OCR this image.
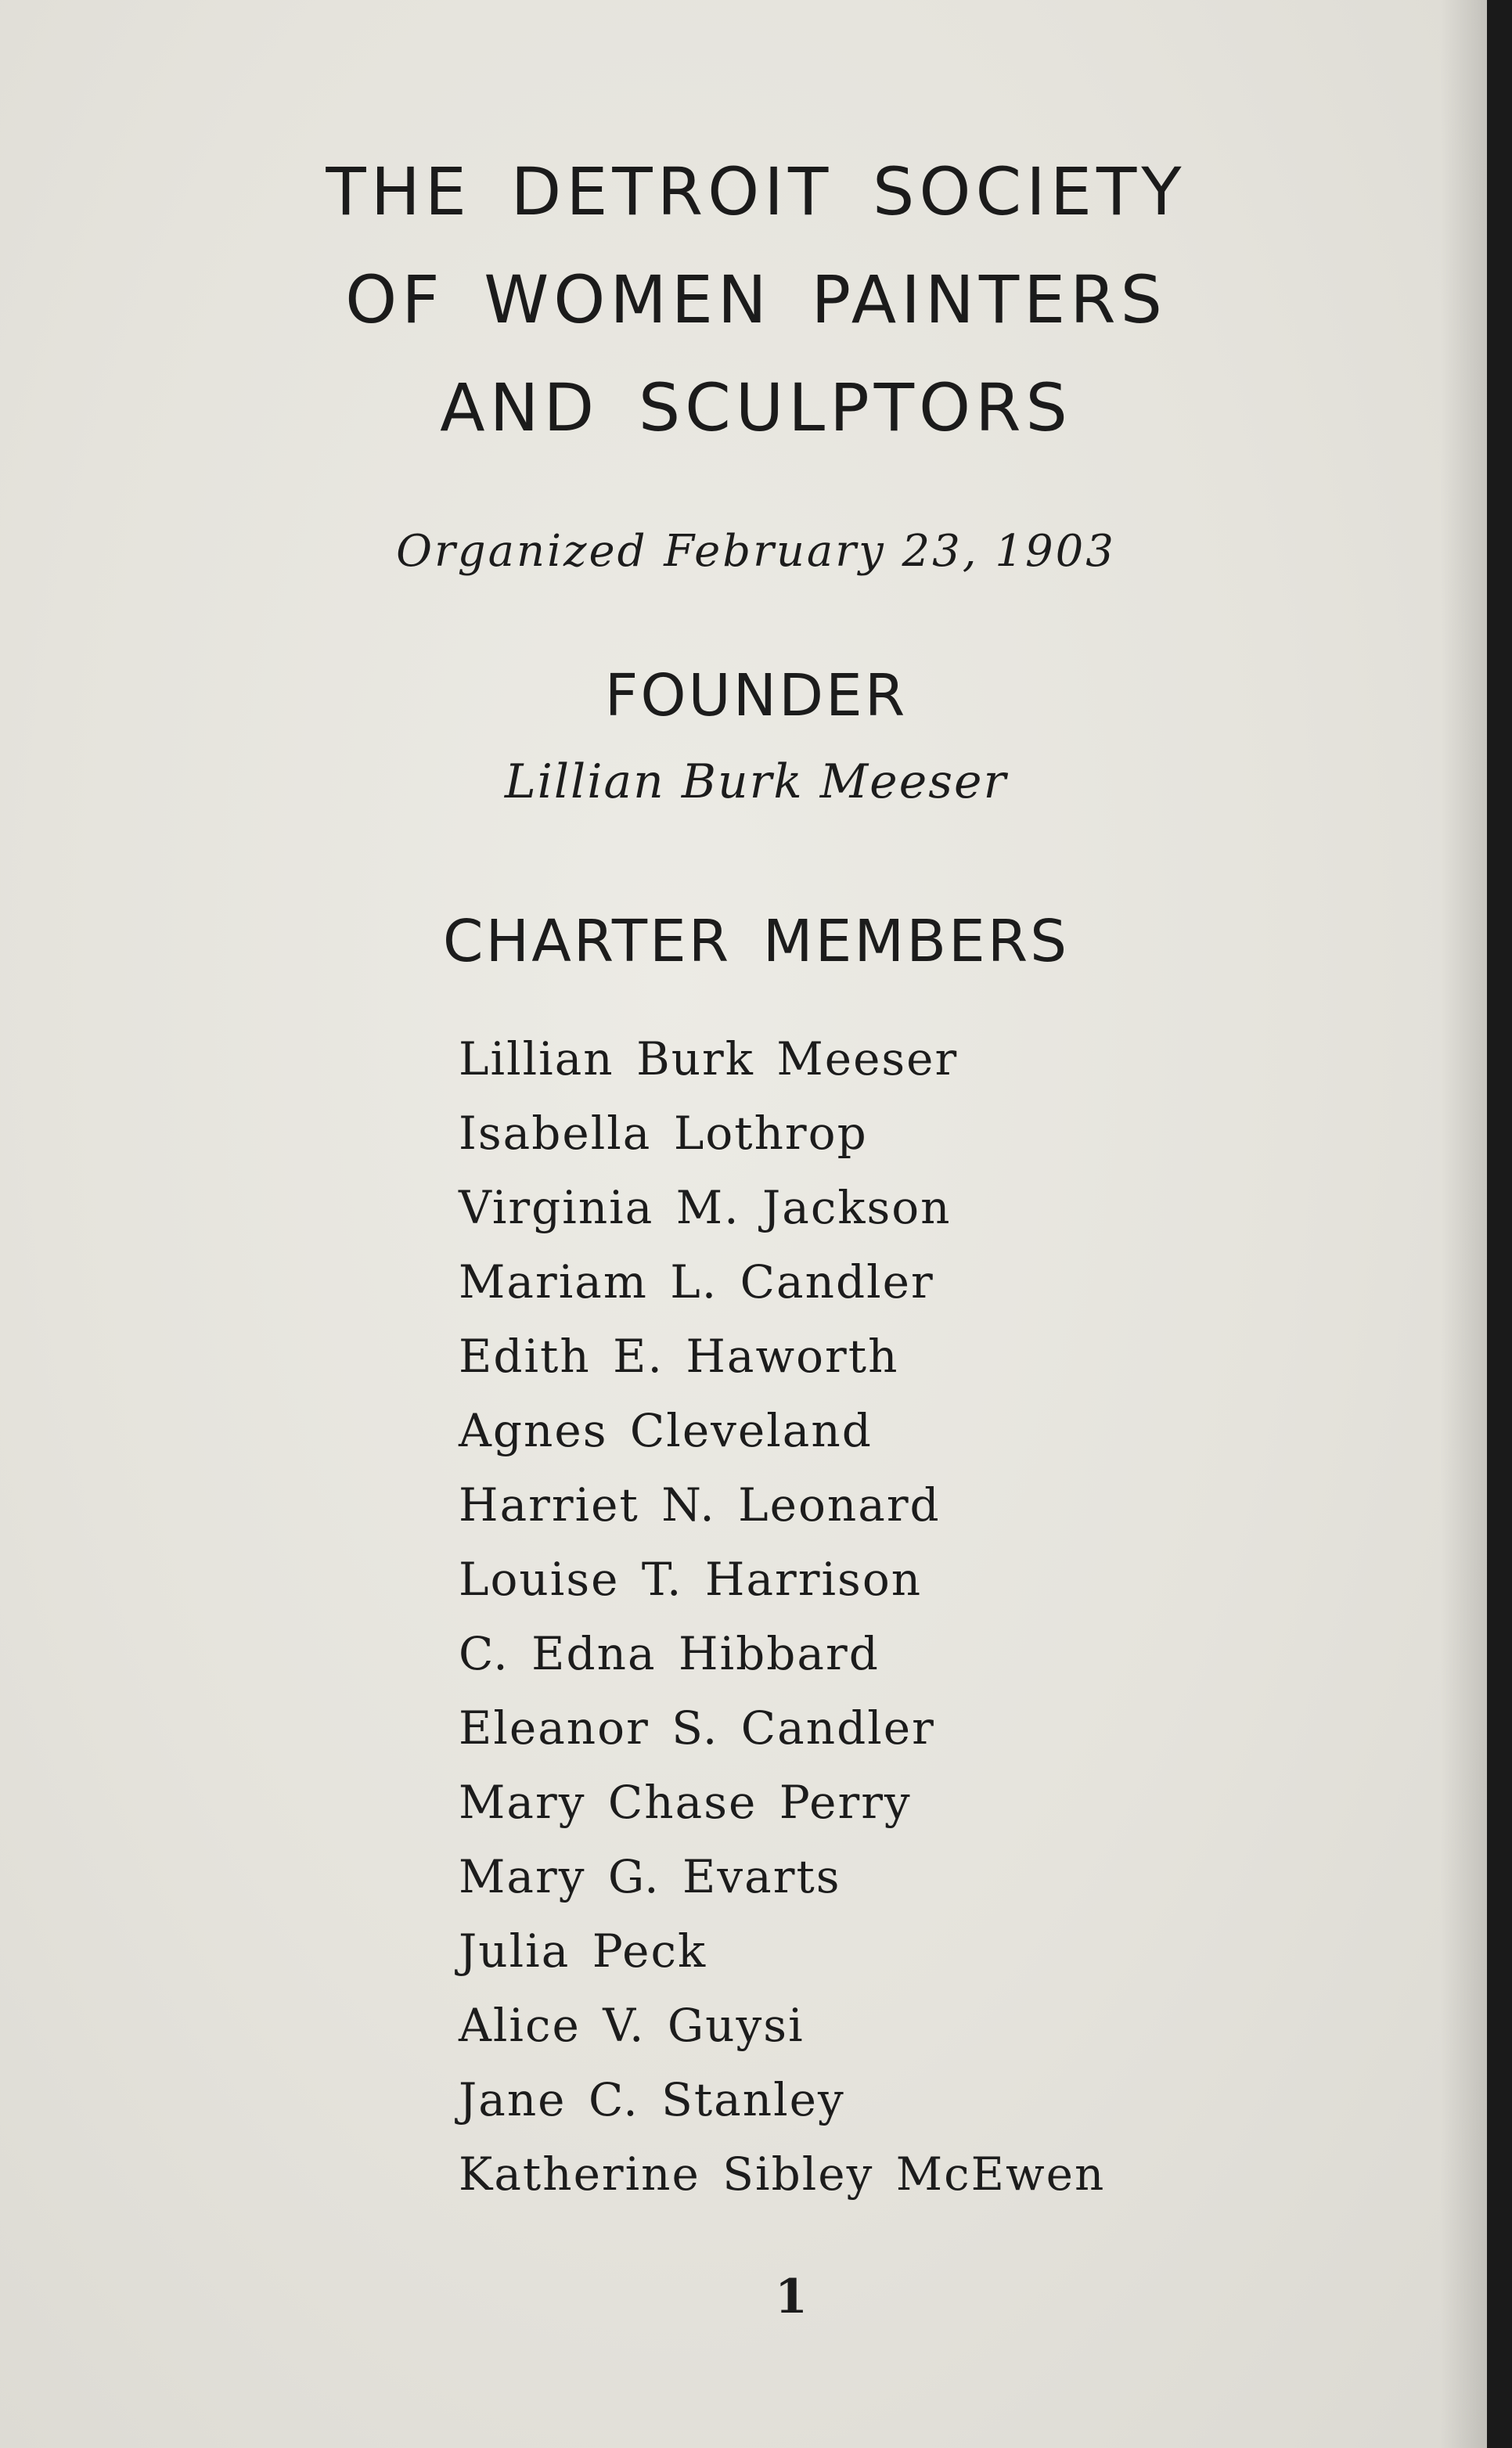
THE DETROIT SOCIETY
OF WOMEN PAINTERS
AND SCULPTORS
Organized February 23, 1903
FOUNDER
Lillian Burk Meeser
CHARTER MEMBERS
Lillian Burk Meeser
Isabella Lothrop
Virginia M. Jackson
Mariam L. Candler
Edith E. Haworth
Agnes Cleveland
Harriet N. Leonard
Louise T. Harrison
C. Edna Hibbard
Eleanor S. Candler
Mary Chase Perry
Mary G. Evarts
Julia Peck
Alice V. Guysi
Jane C. Stanley
Katherine Sibley McEwen
1
